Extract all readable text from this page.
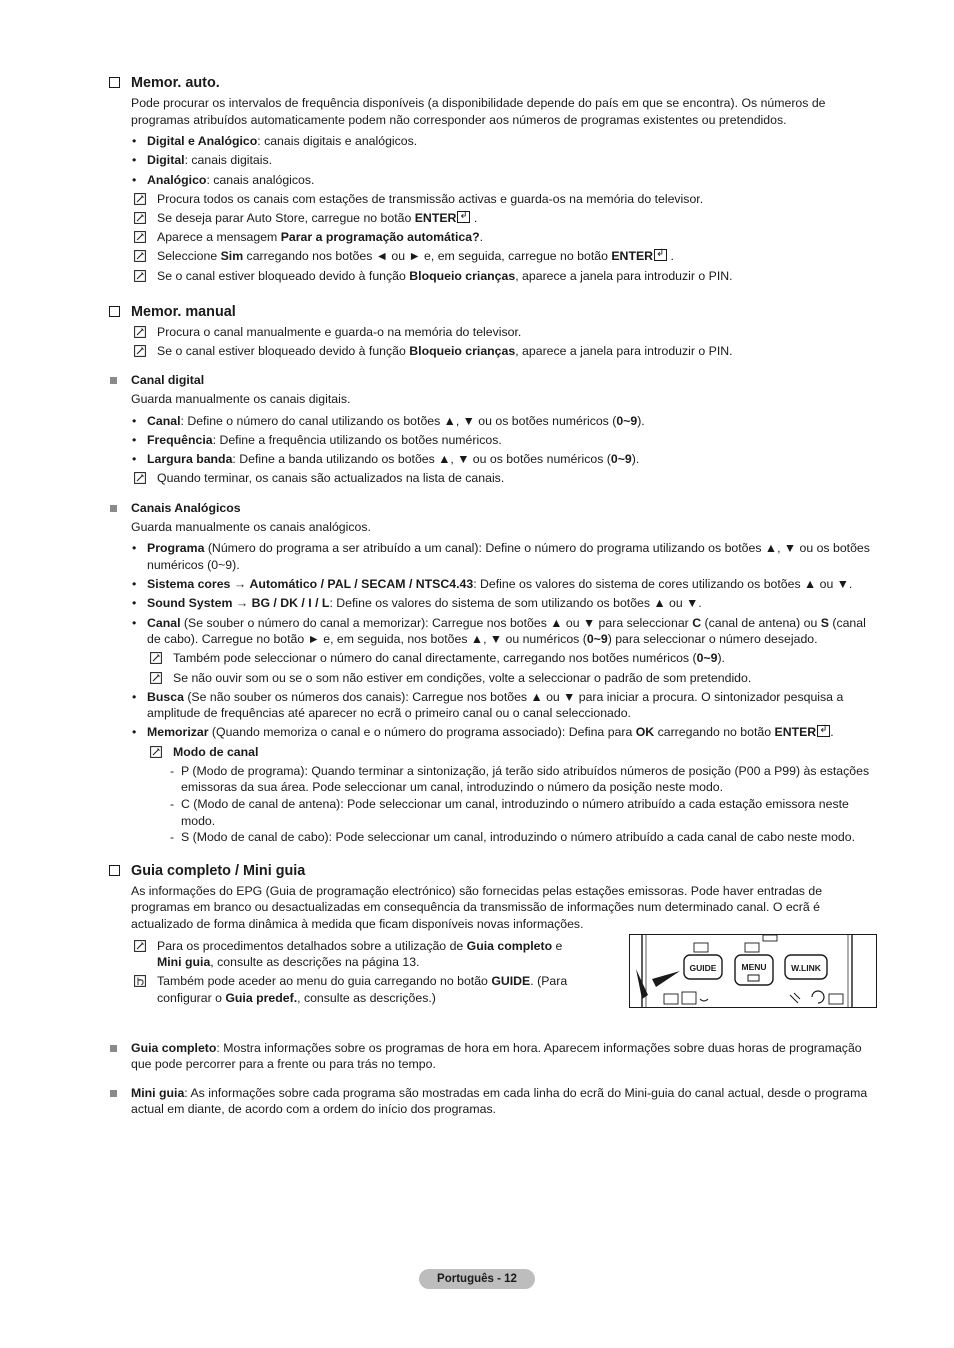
Memor. auto.

Pode procurar os intervalos de frequência disponíveis (a disponibilidade depende do país em que se encontra). Os números de programas atribuídos automaticamente podem não corresponder aos números de programas existentes ou pretendidos.

• Digital e Analógico: canais digitais e analógicos.
• Digital: canais digitais.
• Analógico: canais analógicos.
Procura todos os canais com estações de transmissão activas e guarda-os na memória do televisor.
Se deseja parar Auto Store, carregue no botão ENTER↲ .
Aparece a mensagem Parar a programação automática?.
Seleccione Sim carregando nos botões ◄ ou ► e, em seguida, carregue no botão ENTER↲ .
Se o canal estiver bloqueado devido à função Bloqueio crianças, aparece a janela para introduzir o PIN.
Memor. manual
Procura o canal manualmente e guarda-o na memória do televisor.
Se o canal estiver bloqueado devido à função Bloqueio crianças, aparece a janela para introduzir o PIN.
Canal digital

Guarda manualmente os canais digitais.

• Canal: Define o número do canal utilizando os botões ▲, ▼ ou os botões numéricos (0~9).
• Frequência: Define a frequência utilizando os botões numéricos.
• Largura banda: Define a banda utilizando os botões ▲, ▼ ou os botões numéricos (0~9).
Quando terminar, os canais são actualizados na lista de canais.
Canais Analógicos

Guarda manualmente os canais analógicos.

• Programa (Número do programa a ser atribuído a um canal): Define o número do programa utilizando os botões ▲, ▼ ou os botões numéricos (0~9).
• Sistema cores → Automático / PAL / SECAM / NTSC4.43: Define os valores do sistema de cores utilizando os botões ▲ ou ▼.
• Sound System → BG / DK / I / L: Define os valores do sistema de som utilizando os botões ▲ ou ▼.
• Canal (Se souber o número do canal a memorizar): Carregue nos botões ▲ ou ▼ para seleccionar C (canal de antena) ou S (canal de cabo). Carregue no botão ► e, em seguida, nos botões ▲, ▼ ou numéricos (0~9) para seleccionar o número desejado.
Também pode seleccionar o número do canal directamente, carregando nos botões numéricos (0~9).
Se não ouvir som ou se o som não estiver em condições, volte a seleccionar o padrão de som pretendido.
• Busca (Se não souber os números dos canais): Carregue nos botões ▲ ou ▼ para iniciar a procura. O sintonizador pesquisa a amplitude de frequências até aparecer no ecrã o primeiro canal ou o canal seleccionado.
• Memorizar (Quando memoriza o canal e o número do programa associado): Defina para OK carregando no botão ENTER↲ .
Modo de canal
- P (Modo de programa): Quando terminar a sintonização, já terão sido atribuídos números de posição (P00 a P99) às estações emissoras da sua área. Pode seleccionar um canal, introduzindo o número da posição neste modo.
- C (Modo de canal de antena): Pode seleccionar um canal, introduzindo o número atribuído a cada estação emissora neste modo.
- S (Modo de canal de cabo): Pode seleccionar um canal, introduzindo o número atribuído a cada canal de cabo neste modo.
Guia completo / Mini guia

As informações do EPG (Guia de programação electrónico) são fornecidas pelas estações emissoras. Pode haver entradas de programas em branco ou desactualizadas em consequência da transmissão de informações num determinado canal. O ecrã é actualizado de forma dinâmica à medida que ficam disponíveis novas informações.

Para os procedimentos detalhados sobre a utilização de Guia completo e Mini guia, consulte as descrições na página 13.
Também pode aceder ao menu do guia carregando no botão GUIDE. (Para configurar o Guia predef., consulte as descrições.)
GUIDE	MENU	W.LINK
Guia completo: Mostra informações sobre os programas de hora em hora. Aparecem informações sobre duas horas de programação que pode percorrer para a frente ou para trás no tempo.
Mini guia: As informações sobre cada programa são mostradas em cada linha do ecrã do Mini-guia do canal actual, desde o programa actual em diante, de acordo com a ordem do início dos programas.
Português - 12
